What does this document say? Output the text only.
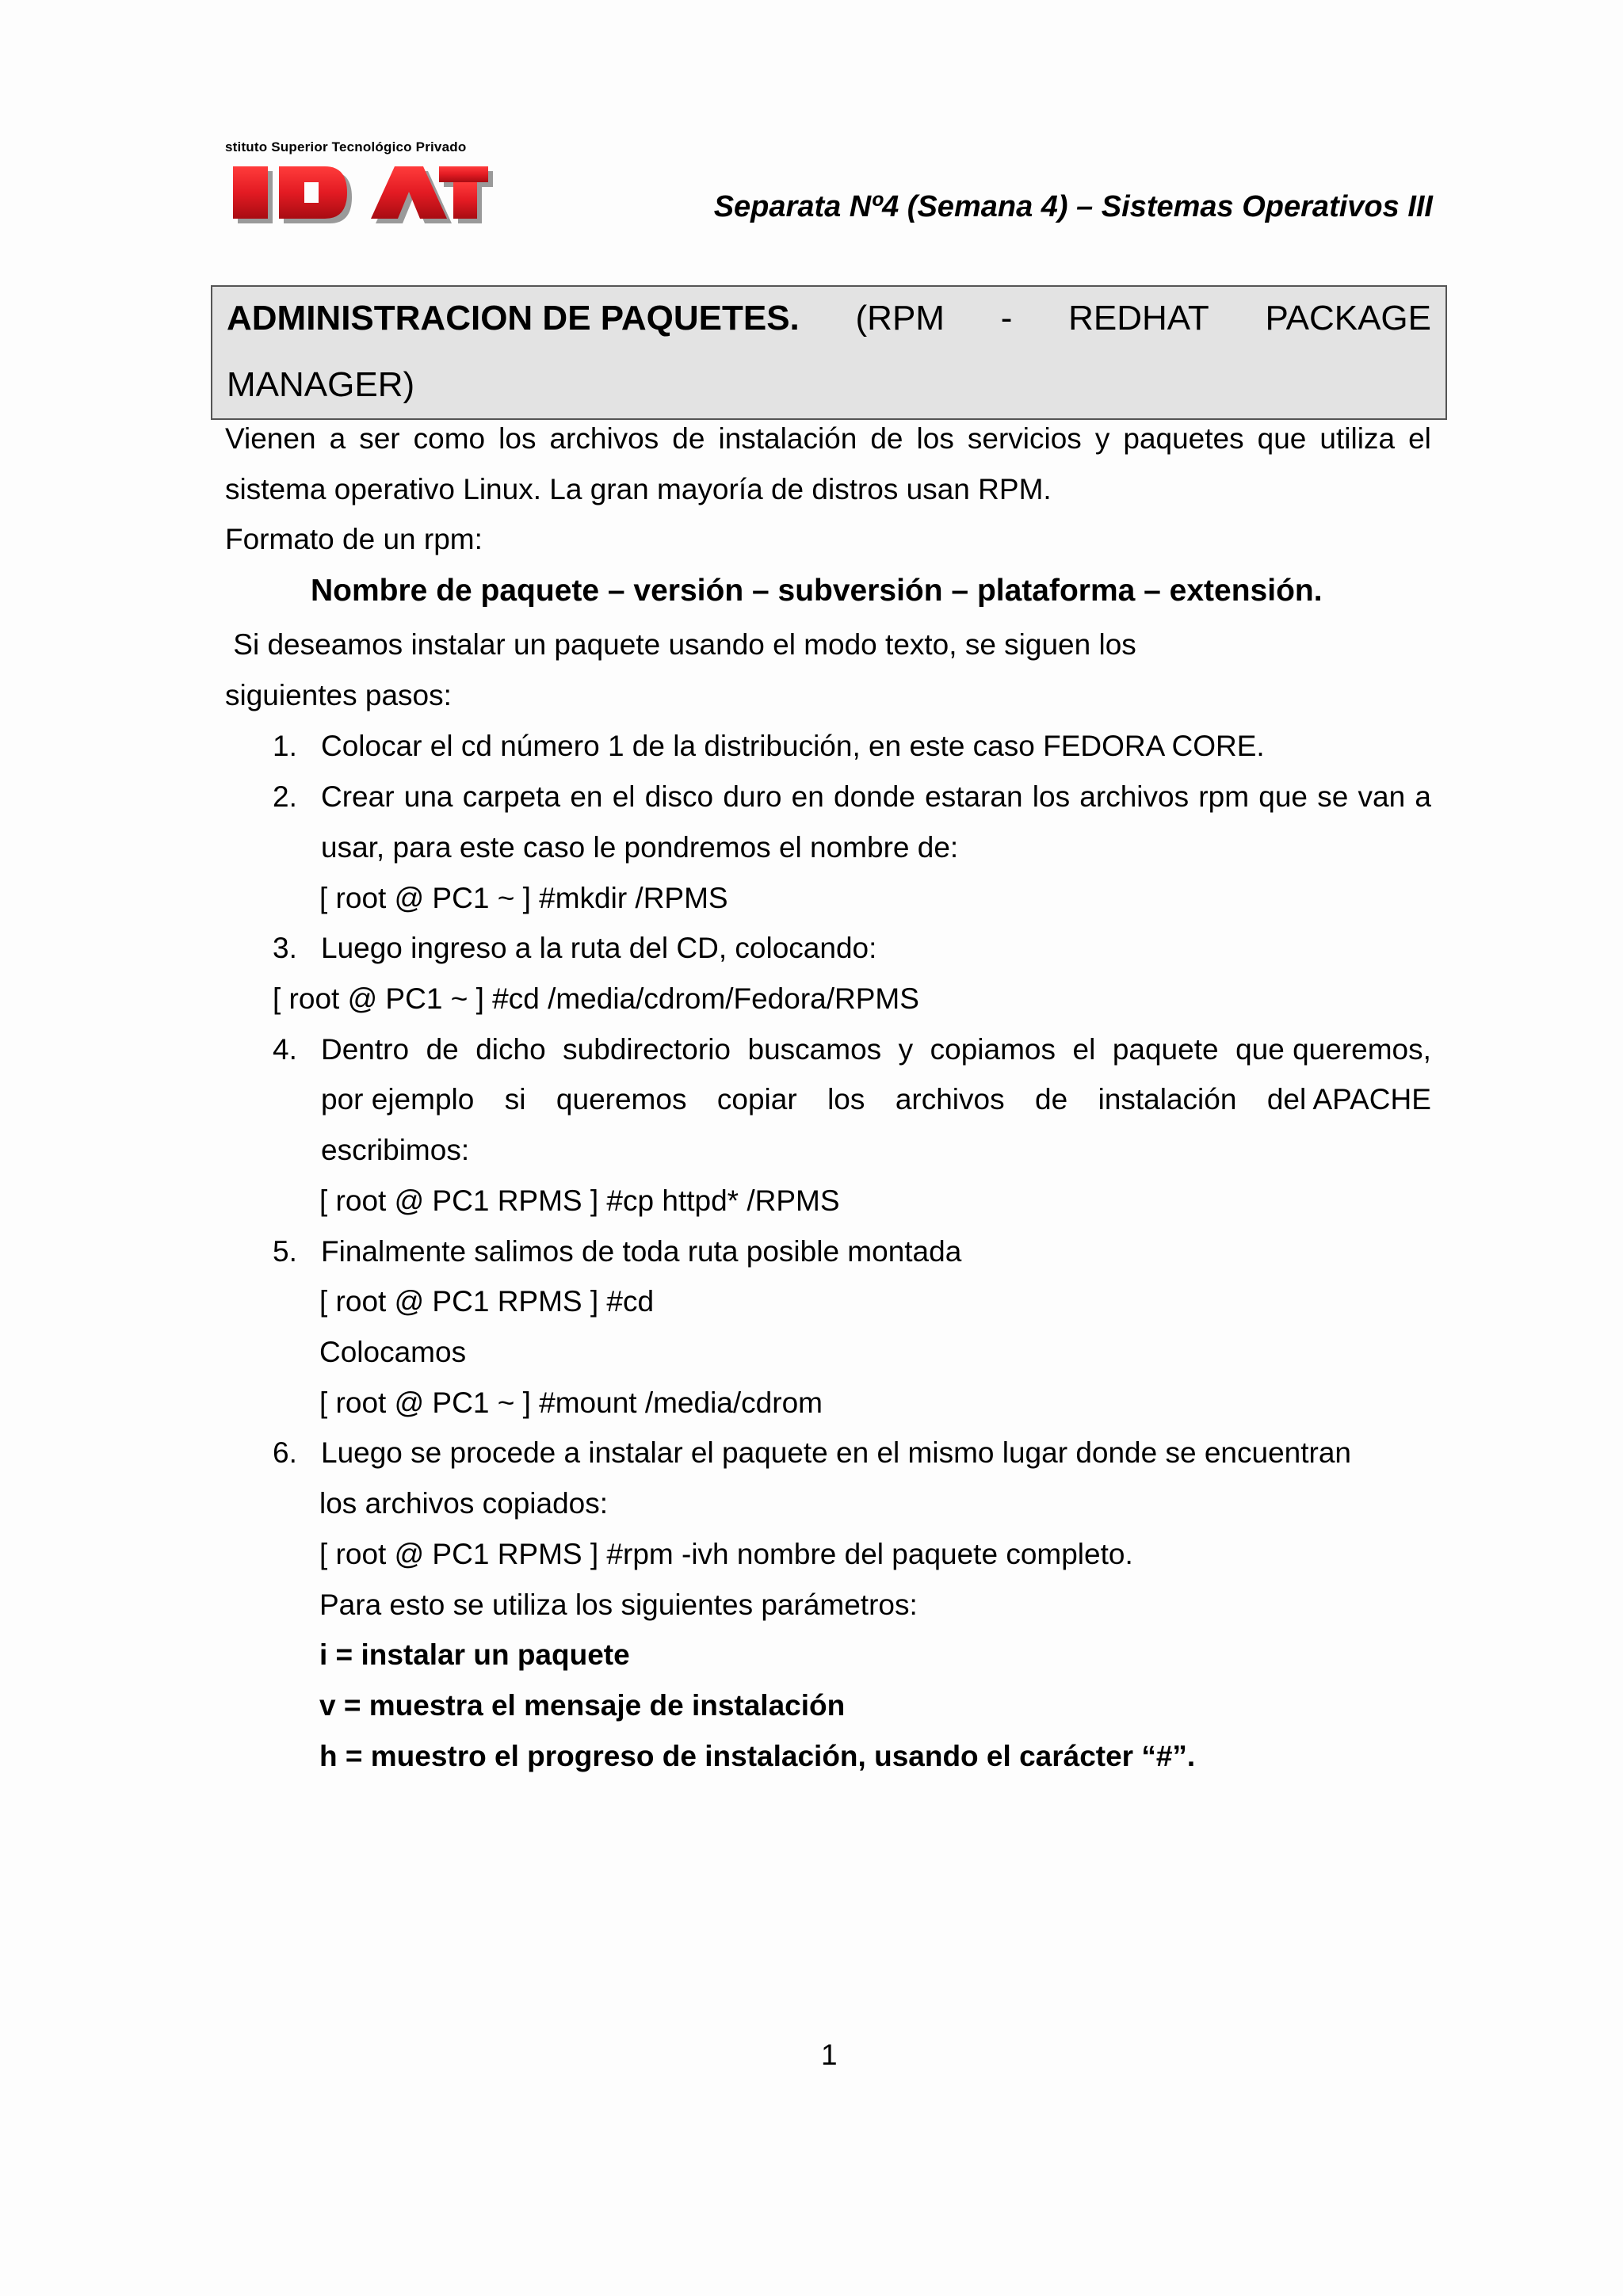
stituto Superior Tecnológico Privado
Separata Nº4 (Semana 4) – Sistemas Operativos III
ADMINISTRACION DE PAQUETES. (RPM - REDHAT PACKAGE
MANAGER)
Vienen a ser como los archivos de instalación de los servicios y paquetes que utiliza el
sistema operativo Linux. La gran mayoría de distros usan RPM.
Formato de un rpm:
Nombre de paquete – versión – subversión – plataforma – extensión.
Si deseamos instalar un paquete usando el modo texto, se siguen los
siguientes pasos:
1. Colocar el cd número 1 de la distribución, en este caso FEDORA CORE.
2. Crear una carpeta en el disco duro en donde estaran los archivos rpm que se van a
usar, para este caso le pondremos el nombre de:
[ root @ PC1 ~ ] #mkdir /RPMS
3. Luego ingreso a la ruta del CD, colocando:
[ root @ PC1 ~ ] #cd /media/cdrom/Fedora/RPMS
4. Dentro de dicho subdirectorio buscamos y copiamos el paquete que queremos,
por ejemplo si queremos copiar los archivos de instalación del APACHE
escribimos:
[ root @ PC1 RPMS ] #cp httpd* /RPMS
5. Finalmente salimos de toda ruta posible montada
[ root @ PC1 RPMS ] #cd
Colocamos
[ root @ PC1 ~ ] #mount /media/cdrom
6. Luego se procede a instalar el paquete en el mismo lugar donde se encuentran
los archivos copiados:
[ root @ PC1 RPMS ] #rpm -ivh nombre del paquete completo.
Para esto se utiliza los siguientes parámetros:
i = instalar un paquete
v = muestra el mensaje de instalación
h = muestro el progreso de instalación, usando el carácter “#”.
1
